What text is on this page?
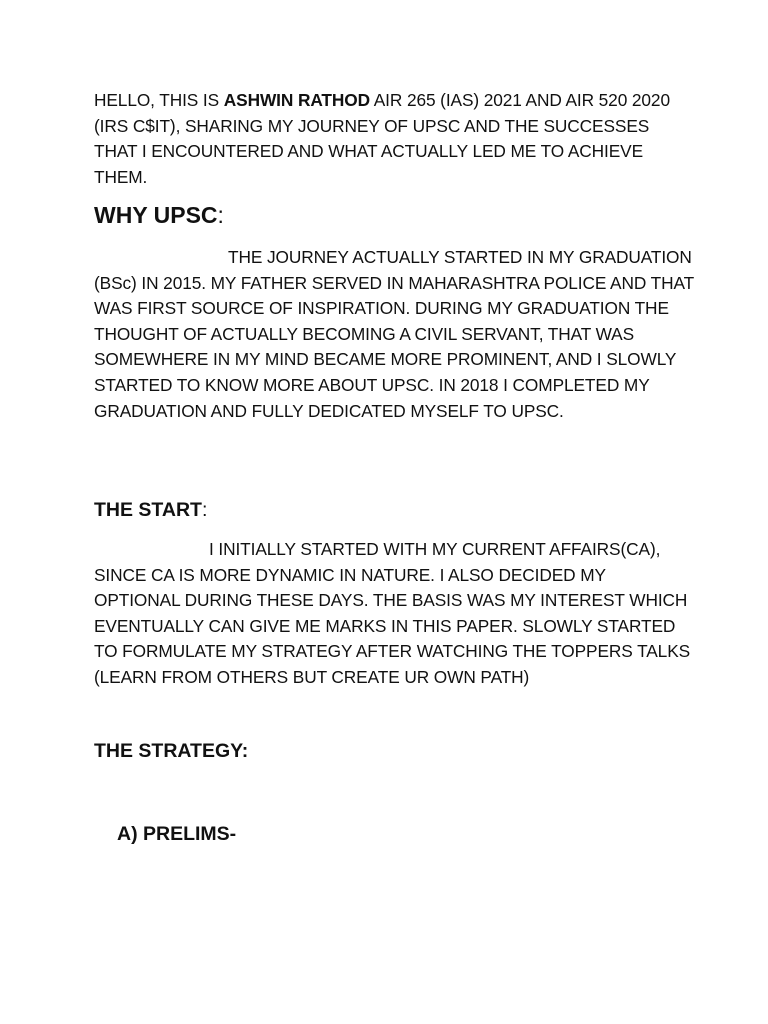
HELLO, THIS IS ASHWIN RATHOD AIR 265 (IAS) 2021 AND AIR 520 2020 (IRS C$IT), SHARING MY JOURNEY OF UPSC AND THE SUCCESSES THAT I ENCOUNTERED AND WHAT ACTUALLY LED ME TO ACHIEVE THEM.

WHY UPSC:

THE JOURNEY ACTUALLY STARTED IN MY GRADUATION (BSc) IN 2015. MY FATHER SERVED IN MAHARASHTRA POLICE AND THAT WAS FIRST SOURCE OF INSPIRATION. DURING MY GRADUATION THE THOUGHT OF ACTUALLY BECOMING A CIVIL SERVANT, THAT WAS SOMEWHERE IN MY MIND BECAME MORE PROMINENT, AND I SLOWLY STARTED TO KNOW MORE ABOUT UPSC. IN 2018 I COMPLETED MY GRADUATION AND FULLY DEDICATED MYSELF TO UPSC.

THE START:

I INITIALLY STARTED WITH MY CURRENT AFFAIRS(CA), SINCE CA IS MORE DYNAMIC IN NATURE. I ALSO DECIDED MY OPTIONAL DURING THESE DAYS. THE BASIS WAS MY INTEREST WHICH EVENTUALLY CAN GIVE ME MARKS IN THIS PAPER. SLOWLY STARTED TO FORMULATE MY STRATEGY AFTER WATCHING THE TOPPERS TALKS (LEARN FROM OTHERS BUT CREATE UR OWN PATH)

THE STRATEGY:
A) PRELIMS-
